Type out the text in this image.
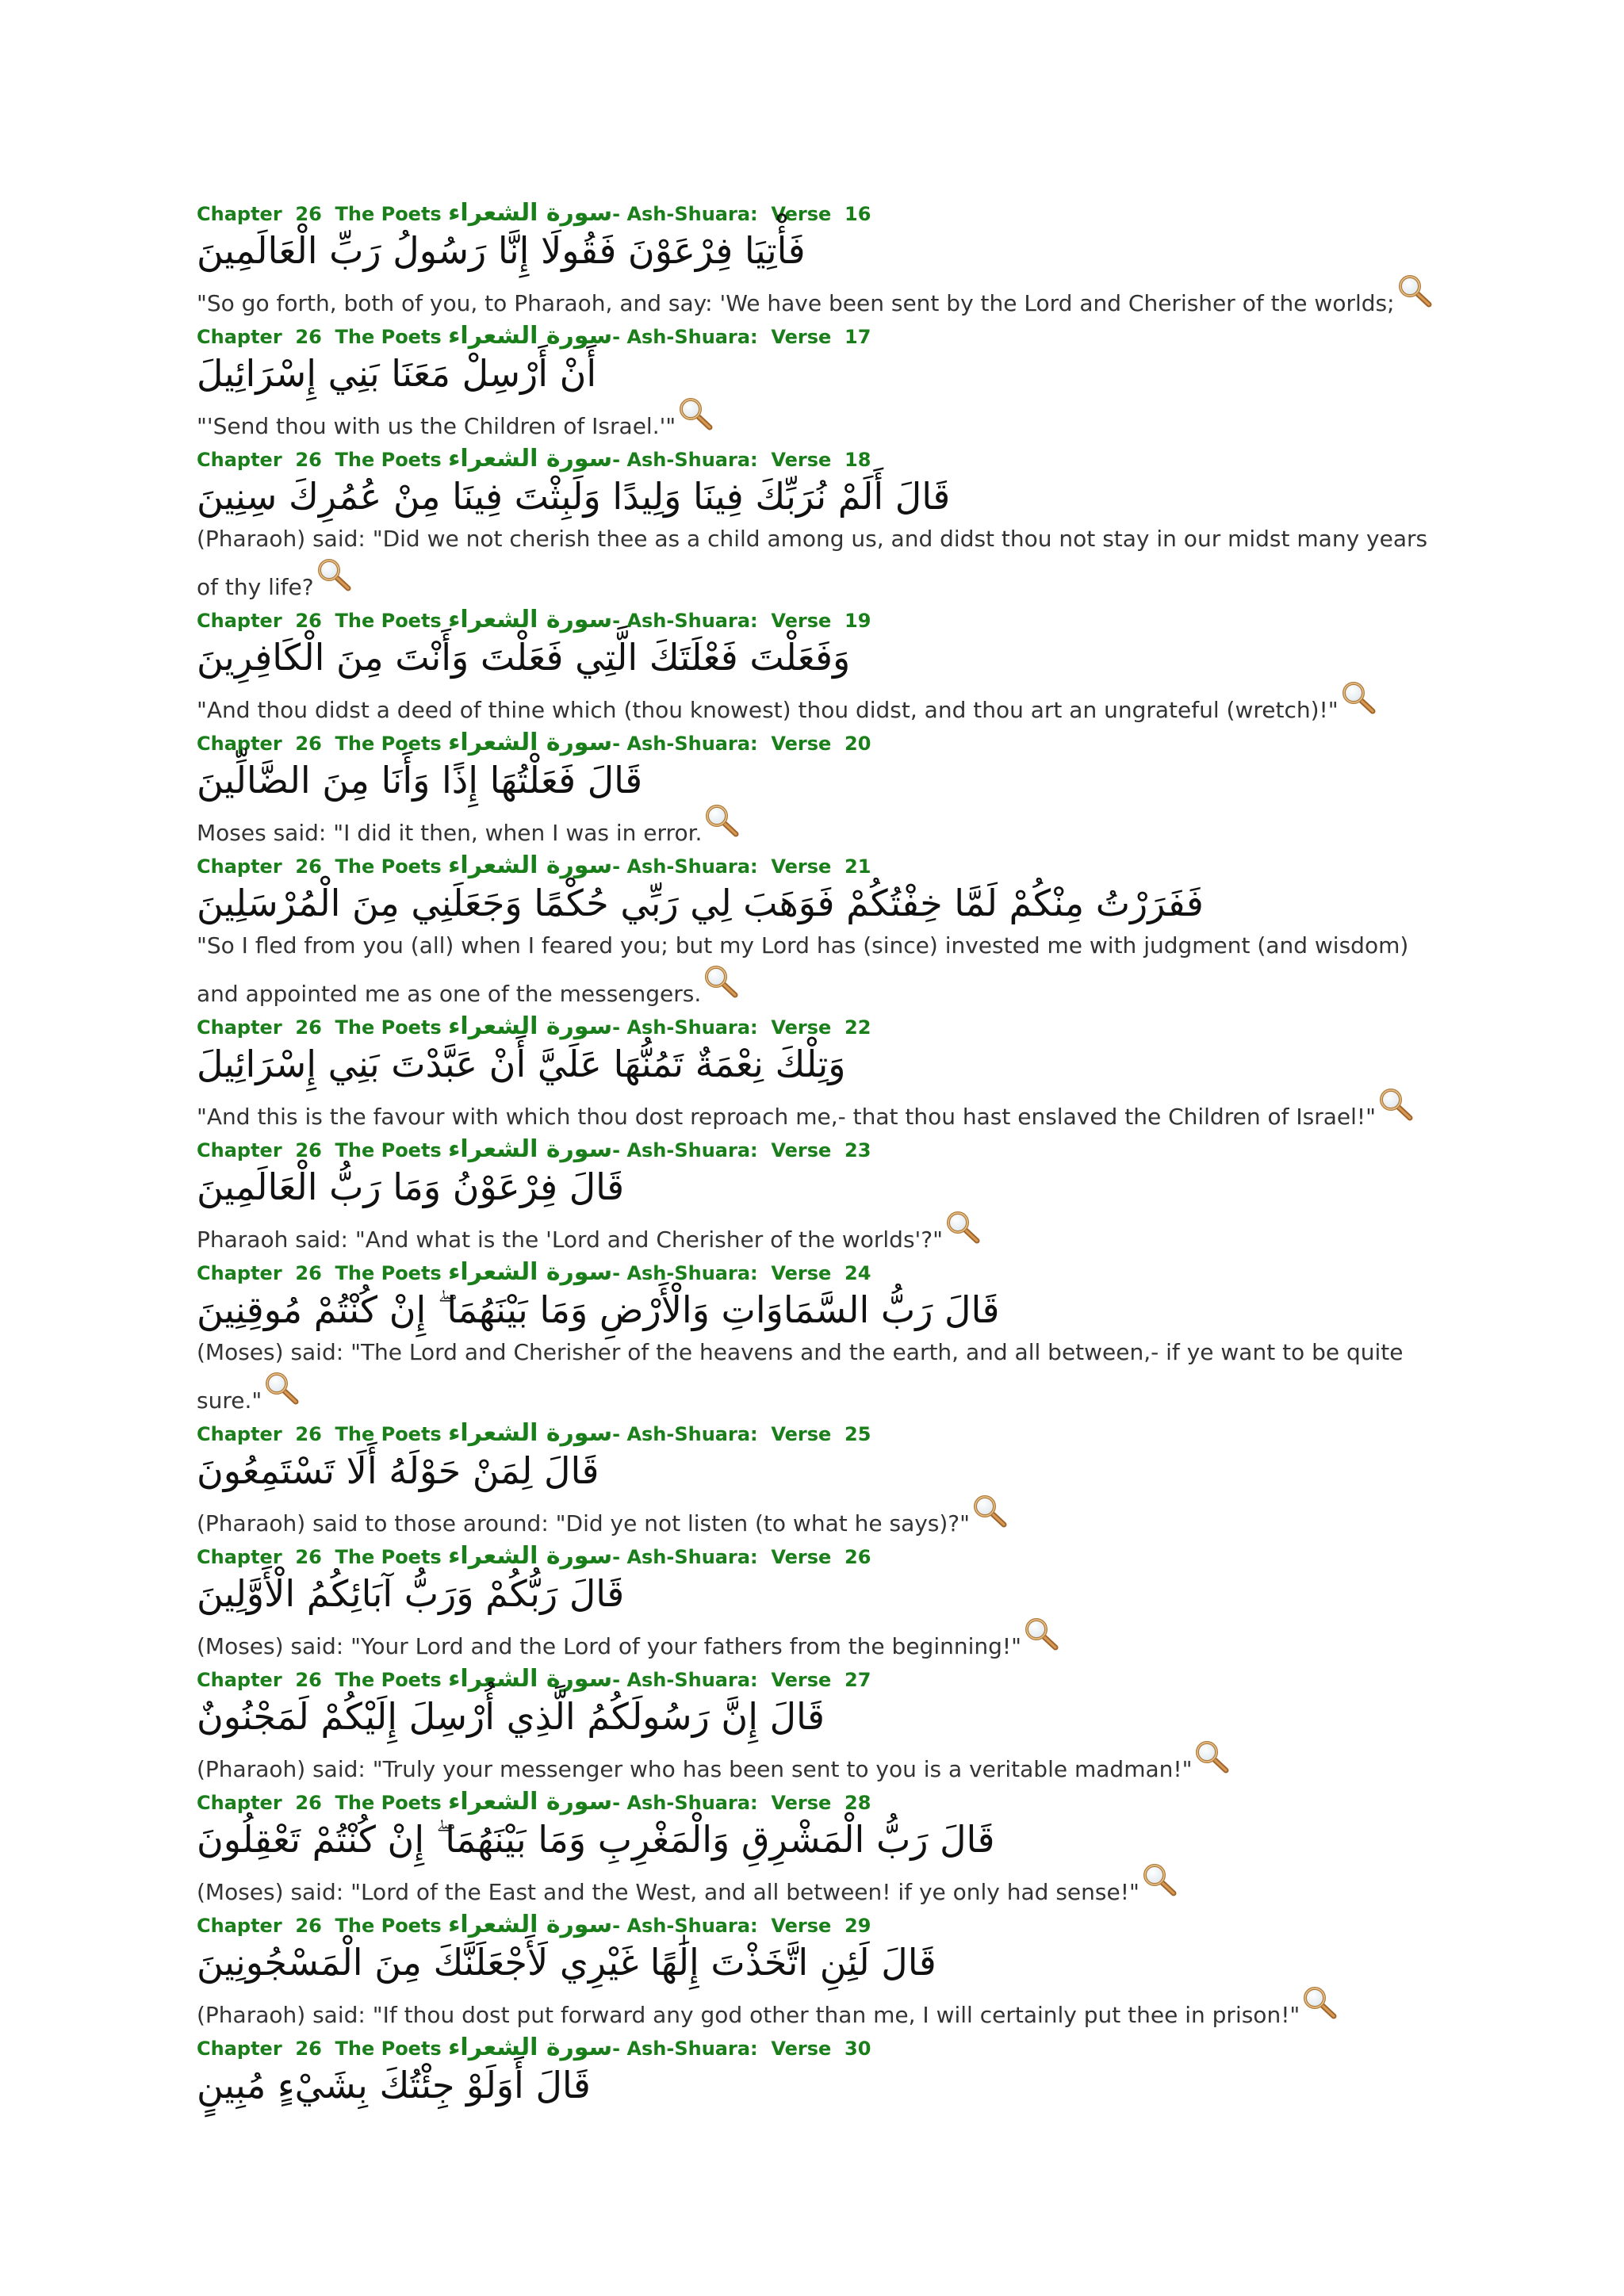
Chapter 26 The Poets سورة الشعراء- Ash-Shuara: Verse 16
فَأْتِيَا فِرْعَوْنَ فَقُولَا إِنَّا رَسُولُ رَبِّ الْعَالَمِينَ
"So go forth, both of you, to Pharaoh, and say: 'We have been sent by the Lord and Cherisher of the worlds;
Chapter 26 The Poets سورة الشعراء- Ash-Shuara: Verse 17
أَنْ أَرْسِلْ مَعَنَا بَنِي إِسْرَائِيلَ
"'Send thou with us the Children of Israel.'"
Chapter 26 The Poets سورة الشعراء- Ash-Shuara: Verse 18
قَالَ أَلَمْ نُرَبِّكَ فِينَا وَلِيدًا وَلَبِثْتَ فِينَا مِنْ عُمُرِكَ سِنِينَ
(Pharaoh) said: "Did we not cherish thee as a child among us, and didst thou not stay in our midst many years of thy life?
Chapter 26 The Poets سورة الشعراء- Ash-Shuara: Verse 19
وَفَعَلْتَ فَعْلَتَكَ الَّتِي فَعَلْتَ وَأَنْتَ مِنَ الْكَافِرِينَ
"And thou didst a deed of thine which (thou knowest) thou didst, and thou art an ungrateful (wretch)!"
Chapter 26 The Poets سورة الشعراء- Ash-Shuara: Verse 20
قَالَ فَعَلْتُهَا إِذًا وَأَنَا مِنَ الضَّالِّينَ
Moses said: "I did it then, when I was in error.
Chapter 26 The Poets سورة الشعراء- Ash-Shuara: Verse 21
فَفَرَرْتُ مِنْكُمْ لَمَّا خِفْتُكُمْ فَوَهَبَ لِي رَبِّي حُكْمًا وَجَعَلَنِي مِنَ الْمُرْسَلِينَ
"So I fled from you (all) when I feared you; but my Lord has (since) invested me with judgment (and wisdom) and appointed me as one of the messengers.
Chapter 26 The Poets سورة الشعراء- Ash-Shuara: Verse 22
وَتِلْكَ نِعْمَةٌ تَمُنُّهَا عَلَيَّ أَنْ عَبَّدْتَ بَنِي إِسْرَائِيلَ
"And this is the favour with which thou dost reproach me,- that thou hast enslaved the Children of Israel!"
Chapter 26 The Poets سورة الشعراء- Ash-Shuara: Verse 23
قَالَ فِرْعَوْنُ وَمَا رَبُّ الْعَالَمِينَ
Pharaoh said: "And what is the 'Lord and Cherisher of the worlds'?"
Chapter 26 The Poets سورة الشعراء- Ash-Shuara: Verse 24
قَالَ رَبُّ السَّمَاوَاتِ وَالْأَرْضِ وَمَا بَيْنَهُمَا ۖ إِنْ كُنْتُمْ مُوقِنِينَ
(Moses) said: "The Lord and Cherisher of the heavens and the earth, and all between,- if ye want to be quite sure."
Chapter 26 The Poets سورة الشعراء- Ash-Shuara: Verse 25
قَالَ لِمَنْ حَوْلَهُ أَلَا تَسْتَمِعُونَ
(Pharaoh) said to those around: "Did ye not listen (to what he says)?"
Chapter 26 The Poets سورة الشعراء- Ash-Shuara: Verse 26
قَالَ رَبُّكُمْ وَرَبُّ آبَائِكُمُ الْأَوَّلِينَ
(Moses) said: "Your Lord and the Lord of your fathers from the beginning!"
Chapter 26 The Poets سورة الشعراء- Ash-Shuara: Verse 27
قَالَ إِنَّ رَسُولَكُمُ الَّذِي أُرْسِلَ إِلَيْكُمْ لَمَجْنُونٌ
(Pharaoh) said: "Truly your messenger who has been sent to you is a veritable madman!"
Chapter 26 The Poets سورة الشعراء- Ash-Shuara: Verse 28
قَالَ رَبُّ الْمَشْرِقِ وَالْمَغْرِبِ وَمَا بَيْنَهُمَا ۖ إِنْ كُنْتُمْ تَعْقِلُونَ
(Moses) said: "Lord of the East and the West, and all between! if ye only had sense!"
Chapter 26 The Poets سورة الشعراء- Ash-Shuara: Verse 29
قَالَ لَئِنِ اتَّخَذْتَ إِلَٰهًا غَيْرِي لَأَجْعَلَنَّكَ مِنَ الْمَسْجُونِينَ
(Pharaoh) said: "If thou dost put forward any god other than me, I will certainly put thee in prison!"
Chapter 26 The Poets سورة الشعراء- Ash-Shuara: Verse 30
قَالَ أَوَلَوْ جِئْتُكَ بِشَيْءٍ مُبِينٍ
